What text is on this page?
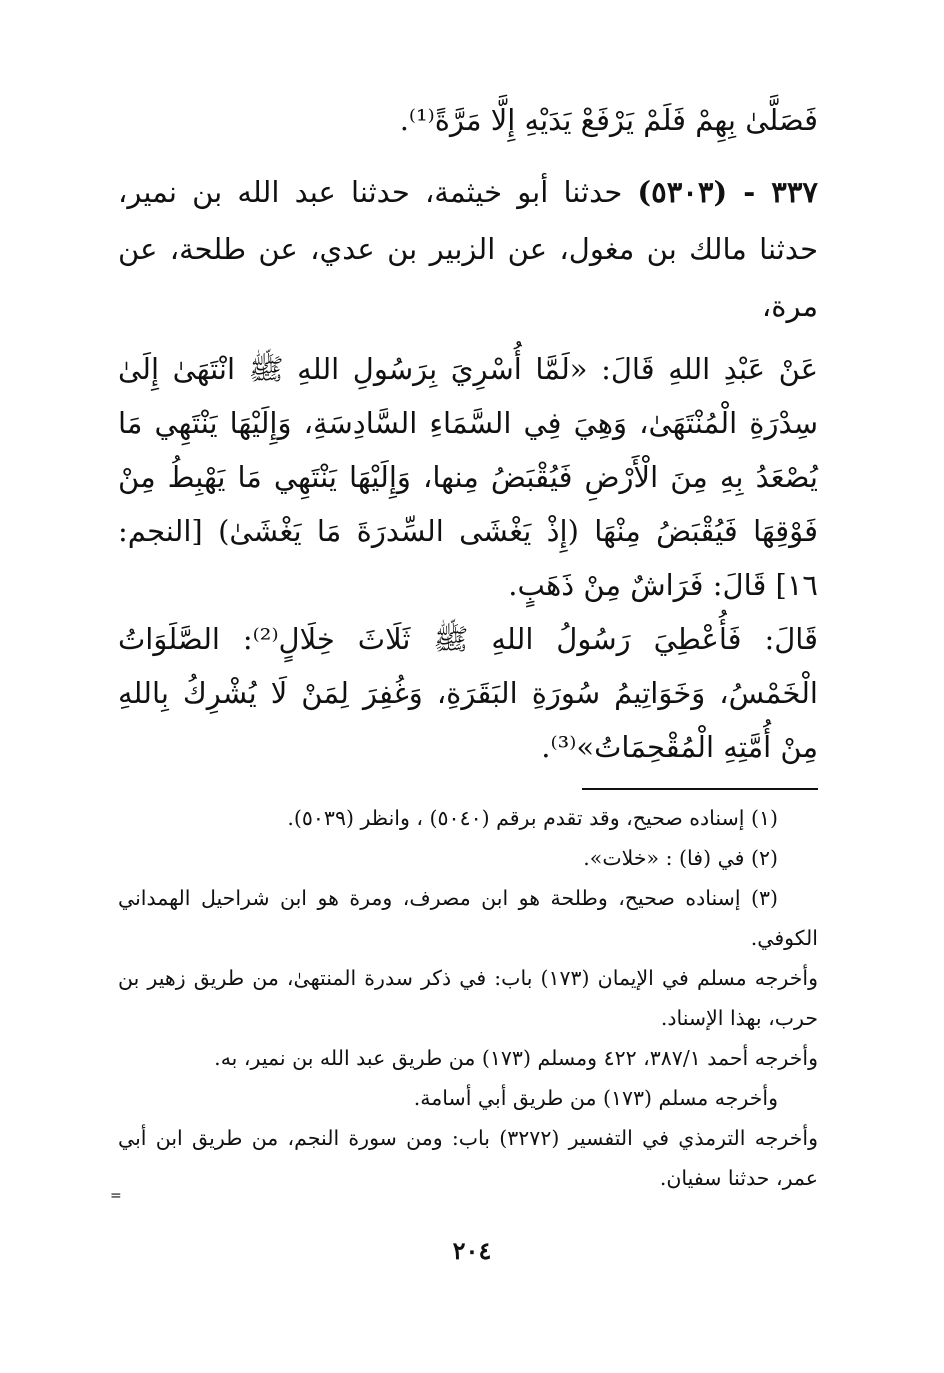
فَصَلَّىٰ بِهِمْ فَلَمْ يَرْفَعْ يَدَيْهِ إِلَّا مَرَّةً⁽¹⁾.
٣٣٧ - (٥٣٠٣) حدثنا أبو خيثمة، حدثنا عبد الله بن نمير، حدثنا مالك بن مغول، عن الزبير بن عدي، عن طلحة، عن مرة،
عَنْ عَبْدِ اللهِ قَالَ: «لَمَّا أُسْرِيَ بِرَسُولِ اللهِ ﷺ انْتَهَىٰ إِلَىٰ سِدْرَةِ الْمُنْتَهَىٰ، وَهِيَ فِي السَّمَاءِ السَّادِسَةِ، وَإِلَيْهَا يَنْتَهِي مَا يُصْعَدُ بِهِ مِنَ الْأَرْضِ فَيُقْبَضُ مِنها، وَإِلَيْهَا يَنْتَهِي مَا يَهْبِطُ مِنْ فَوْقِهَا فَيُقْبَضُ مِنْهَا (إِذْ يَغْشَى السِّدرَةَ مَا يَغْشَىٰ) [النجم: ١٦] قَالَ: فَرَاشٌ مِنْ ذَهَبٍ.
قَالَ: فَأُعْطِيَ رَسُولُ اللهِ ﷺ ثَلَاثَ خِلَالٍ⁽²⁾: الصَّلَوَاتُ الْخَمْسُ، وَخَوَاتِيمُ سُورَةِ البَقَرَةِ، وَغُفِرَ لِمَنْ لَا يُشْرِكُ بِاللهِ مِنْ أُمَّتِهِ الْمُقْحِمَاتُ»⁽³⁾.

(١) إسناده صحيح، وقد تقدم برقم (٥٠٤٠) ، وانظر (٥٠٣٩).

(٢) في (فا) : «خلات».

(٣) إسناده صحيح، وطلحة هو ابن مصرف، ومرة هو ابن شراحيل الهمداني الكوفي.

وأخرجه مسلم في الإيمان (١٧٣) باب: في ذكر سدرة المنتهىٰ، من طريق زهير بن حرب، بهذا الإسناد.

وأخرجه أحمد ٣٨٧/١، ٤٢٢ ومسلم (١٧٣) من طريق عبد الله بن نمير، به.

وأخرجه مسلم (١٧٣) من طريق أبي أسامة.

وأخرجه الترمذي في التفسير (٣٢٧٢) باب: ومن سورة النجم، من طريق ابن أبي عمر، حدثنا سفيان.

=
٢٠٤
